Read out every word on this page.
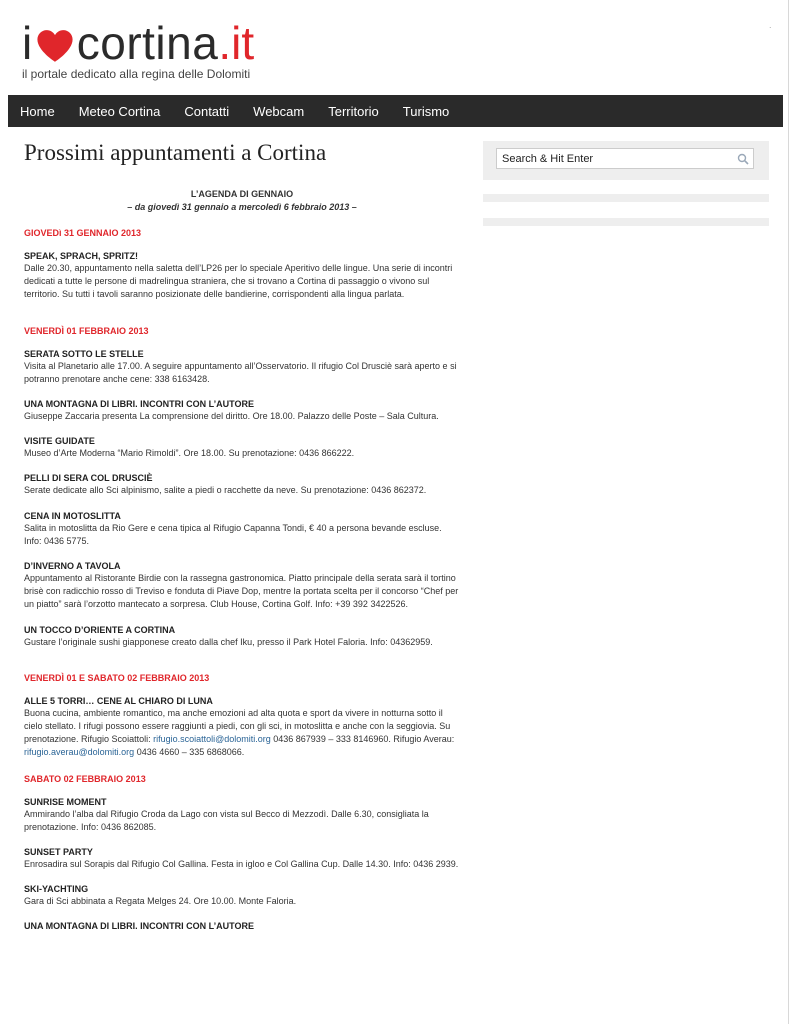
i cortina .it
il portale dedicato alla regina delle Dolomiti
.
Home	Meteo Cortina	Contatti	Webcam	Territorio	Turismo
Prossimi appuntamenti a Cortina
L’AGENDA DI GENNAIO
– da giovedì 31 gennaio a mercoledì 6 febbraio 2013 –
GIOVEDì 31 GENNAIO 2013
SPEAK, SPRACH, SPRITZ!
Dalle 20.30, appuntamento nella saletta dell’LP26 per lo speciale Aperitivo delle lingue. Una serie di incontri dedicati a tutte le persone di madrelingua straniera, che si trovano a Cortina di passaggio o vivono sul territorio. Su tutti i tavoli saranno posizionate delle bandierine, corrispondenti alla lingua parlata.
VENERDÌ 01 FEBBRAIO 2013
SERATA SOTTO LE STELLE
Visita al Planetario alle 17.00. A seguire appuntamento all’Osservatorio. Il rifugio Col Drusciè sarà aperto e si potranno prenotare anche cene: 338 6163428.
UNA MONTAGNA DI LIBRI. INCONTRI CON L’AUTORE
Giuseppe Zaccaria presenta La comprensione del diritto. Ore 18.00. Palazzo delle Poste – Sala Cultura.
VISITE GUIDATE
Museo d’Arte Moderna “Mario Rimoldi”. Ore 18.00. Su prenotazione: 0436 866222.
PELLI DI SERA COL DRUSCIÈ
Serate dedicate allo Sci alpinismo, salite a piedi o racchette da neve. Su prenotazione: 0436 862372.
CENA IN MOTOSLITTA
Salita in motoslitta da Rio Gere e cena tipica al Rifugio Capanna Tondi, € 40 a persona bevande escluse.
Info: 0436 5775.
D’INVERNO A TAVOLA
Appuntamento al Ristorante Birdie con la rassegna gastronomica. Piatto principale della serata sarà il tortino brisè con radicchio rosso di Treviso e fonduta di Piave Dop, mentre la portata scelta per il concorso “Chef per un piatto” sarà l’orzotto mantecato a sorpresa. Club House, Cortina Golf. Info: +39 392 3422526.
UN TOCCO D’ORIENTE A CORTINA
Gustare l’originale sushi giapponese creato dalla chef Iku, presso il Park Hotel Faloria. Info: 04362959.
VENERDÌ 01 E SABATO 02 FEBBRAIO 2013
ALLE 5 TORRI… CENE AL CHIARO DI LUNA
Buona cucina, ambiente romantico, ma anche emozioni ad alta quota e sport da vivere in notturna sotto il cielo stellato. I rifugi possono essere raggiunti a piedi, con gli sci, in motoslitta e anche con la seggiovia. Su prenotazione. Rifugio Scoiattoli: rifugio.scoiattoli@dolomiti.org 0436 867939 – 333 8146960. Rifugio Averau: rifugio.averau@dolomiti.org 0436 4660 – 335 6868066.
SABATO 02 FEBBRAIO 2013
SUNRISE MOMENT
Ammirando l’alba dal Rifugio Croda da Lago con vista sul Becco di Mezzodì. Dalle 6.30, consigliata la prenotazione. Info: 0436 862085.
SUNSET PARTY
Enrosadira sul Sorapis dal Rifugio Col Gallina. Festa in igloo e Col Gallina Cup. Dalle 14.30. Info: 0436 2939.
SKI-YACHTING
Gara di Sci abbinata a Regata Melges 24. Ore 10.00. Monte Faloria.
UNA MONTAGNA DI LIBRI. INCONTRI CON L’AUTORE
Search & Hit Enter
